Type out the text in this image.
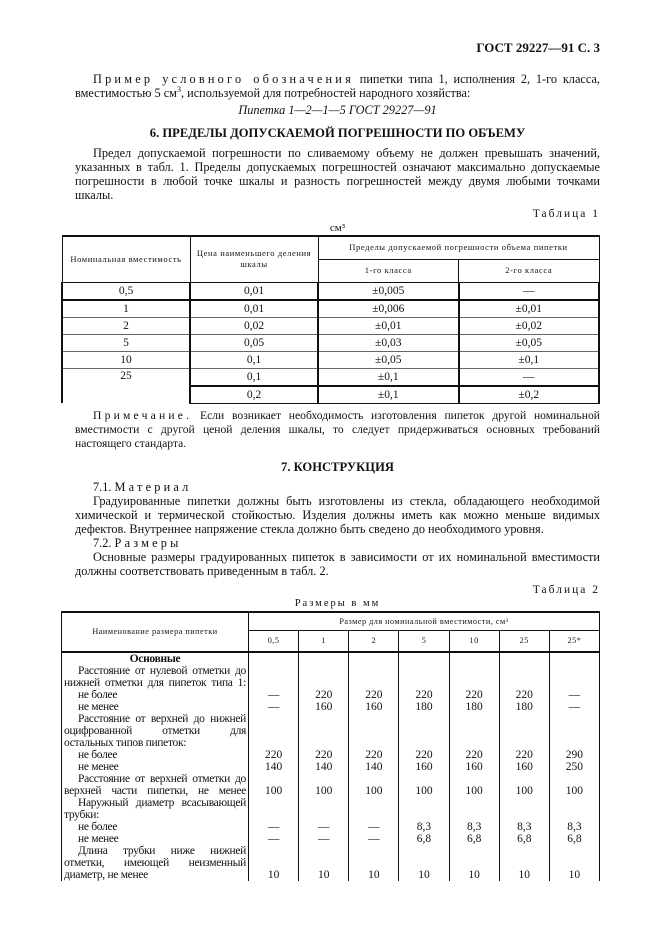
ГОСТ 29227—91 С. 3

Пример условного обозначения пипетки типа 1, исполнения 2, 1-го класса, вместимостью 5 $см^3$, используемой для потребностей народного хозяйства:

Пипетка 1—2—1—5 ГОСТ 29227—91

6. ПРЕДЕЛЫ ДОПУСКАЕМОЙ ПОГРЕШНОСТИ ПО ОБЪЕМУ

Предел допускаемой погрешности по сливаемому объему не должен превышать значений, указанных в табл. 1. Пределы допускаемых погрешностей означают максимально допускаемые погрешности в любой точке шкалы и разность погрешностей между двумя любыми точками шкалы.

Таблица 1
см³
Номинальная вместимость	Цена наименьшего деления шкалы	Пределы допускаемой погрешности объема пипетки	
		1-го класса	2-го класса
0,5	0,01	±0,005	—
1	0,01	±0,006	±0,01
2	0,02	±0,01	±0,02
5	0,05	±0,03	±0,05
10	0,1	±0,05	±0,1
25	0,1	±0,1	—
	0,2	±0,1	±0,2

Примечание. Если возникает необходимость изготовления пипеток другой номинальной вместимости с другой ценой деления шкалы, то следует придерживаться основных требований настоящего стандарта.

7. КОНСТРУКЦИЯ

7.1. Материал

Градуированные пипетки должны быть изготовлены из стекла, обладающего необходимой химической и термической стойкостью. Изделия должны иметь как можно меньше видимых дефектов. Внутреннее напряжение стекла должно быть сведено до необходимого уровня.

7.2. Размеры

Основные размеры градуированных пипеток в зависимости от их номинальной вместимости должны соответствовать приведенным в табл. 2.

Таблица 2
Размеры в мм
Наименование размера пипетки	Размер для номинальной вместимости, см³						
	0,5	1	2	5	10	25	25*
Основные							
Расстояние от нулевой отметки до							
нижней отметки для пипеток типа 1:							
не более	—	220	220	220	220	220	—
не менее	—	160	160	180	180	180	—
Расстояние от верхней до нижней							
оцифрованной отметки для							
остальных типов пипеток:							
не более	220	220	220	220	220	220	290
не менее	140	140	140	160	160	160	250
Расстояние от верхней отметки до							
верхней части пипетки, не менее	100	100	100	100	100	100	100
Наружный диаметр всасывающей							
трубки:							
не более	—	—	—	8,3	8,3	8,3	8,3
не менее	—	—	—	6,8	6,8	6,8	6,8
Длина трубки ниже нижней							
отметки, имеющей неизменный							
диаметр, не менее	10	10	10	10	10	10	10
